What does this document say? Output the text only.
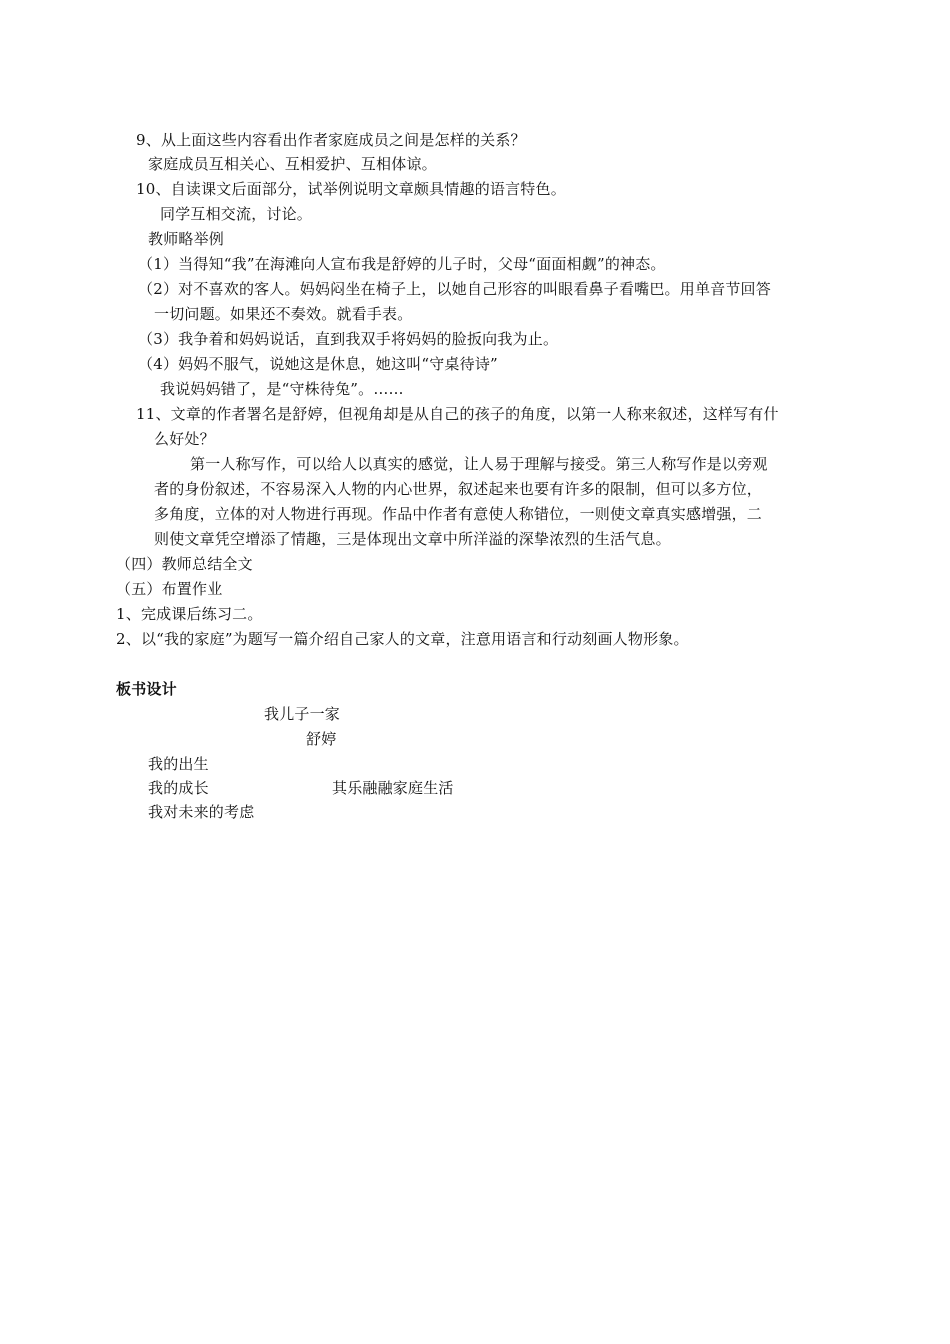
9、从上面这些内容看出作者家庭成员之间是怎样的关系？
家庭成员互相关心、互相爱护、互相体谅。
10、自读课文后面部分，试举例说明文章颇具情趣的语言特色。
同学互相交流，讨论。
教师略举例
（1）当得知“我”在海滩向人宣布我是舒婷的儿子时，父母“面面相觑”的神态。
（2）对不喜欢的客人。妈妈闷坐在椅子上，以她自己形容的叫眼看鼻子看嘴巴。用单音节回答
一切问题。如果还不奏效。就看手表。
（3）我争着和妈妈说话，直到我双手将妈妈的脸扳向我为止。
（4）妈妈不服气，说她这是休息，她这叫“守桌待诗”
我说妈妈错了，是“守株待兔”。……
11、文章的作者署名是舒婷，但视角却是从自己的孩子的角度，以第一人称来叙述，这样写有什
么好处？
第一人称写作，可以给人以真实的感觉，让人易于理解与接受。第三人称写作是以旁观
者的身份叙述，不容易深入人物的内心世界，叙述起来也要有许多的限制，但可以多方位，
多角度，立体的对人物进行再现。作品中作者有意使人称错位，一则使文章真实感增强，二
则使文章凭空增添了情趣，三是体现出文章中所洋溢的深挚浓烈的生活气息。
（四）教师总结全文
（五）布置作业
1、完成课后练习二。
2、以“我的家庭”为题写一篇介绍自己家人的文章，注意用语言和行动刻画人物形象。
板书设计
我儿子一家
舒婷
我的出生
我的成长	其乐融融家庭生活
我对未来的考虑
